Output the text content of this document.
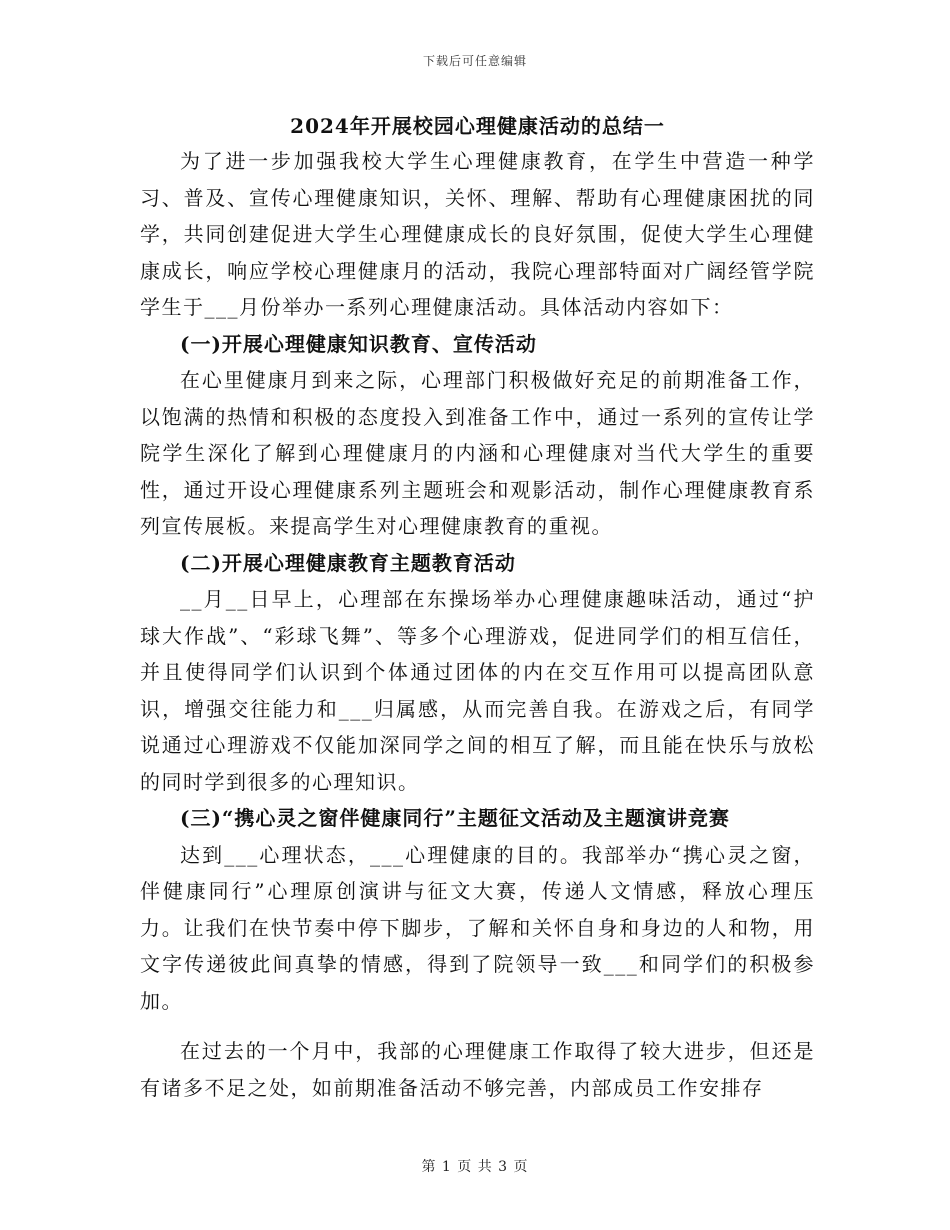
下载后可任意编辑
2024年开展校园心理健康活动的总结一

为了进一步加强我校大学生心理健康教育，在学生中营造一种学习、普及、宣传心理健康知识，关怀、理解、帮助有心理健康困扰的同学，共同创建促进大学生心理健康成长的良好氛围，促使大学生心理健康成长，响应学校心理健康月的活动，我院心理部特面对广阔经管学院学生于___月份举办一系列心理健康活动。具体活动内容如下：

(一)开展心理健康知识教育、宣传活动

在心里健康月到来之际，心理部门积极做好充足的前期准备工作，以饱满的热情和积极的态度投入到准备工作中，通过一系列的宣传让学院学生深化了解到心理健康月的内涵和心理健康对当代大学生的重要性，通过开设心理健康系列主题班会和观影活动，制作心理健康教育系列宣传展板。来提高学生对心理健康教育的重视。

(二)开展心理健康教育主题教育活动

__月__日早上，心理部在东操场举办心理健康趣味活动，通过“护球大作战”、“彩球飞舞”、等多个心理游戏，促进同学们的相互信任，并且使得同学们认识到个体通过团体的内在交互作用可以提高团队意识，增强交往能力和___归属感，从而完善自我。在游戏之后，有同学说通过心理游戏不仅能加深同学之间的相互了解，而且能在快乐与放松的同时学到很多的心理知识。

(三)“携心灵之窗伴健康同行”主题征文活动及主题演讲竞赛

达到___心理状态，___心理健康的目的。我部举办“携心灵之窗，伴健康同行”心理原创演讲与征文大赛，传递人文情感，释放心理压力。让我们在快节奏中停下脚步，了解和关怀自身和身边的人和物，用文字传递彼此间真挚的情感，得到了院领导一致___和同学们的积极参加。

在过去的一个月中，我部的心理健康工作取得了较大进步，但还是有诸多不足之处，如前期准备活动不够完善，内部成员工作安排存

第 1 页 共 3 页
